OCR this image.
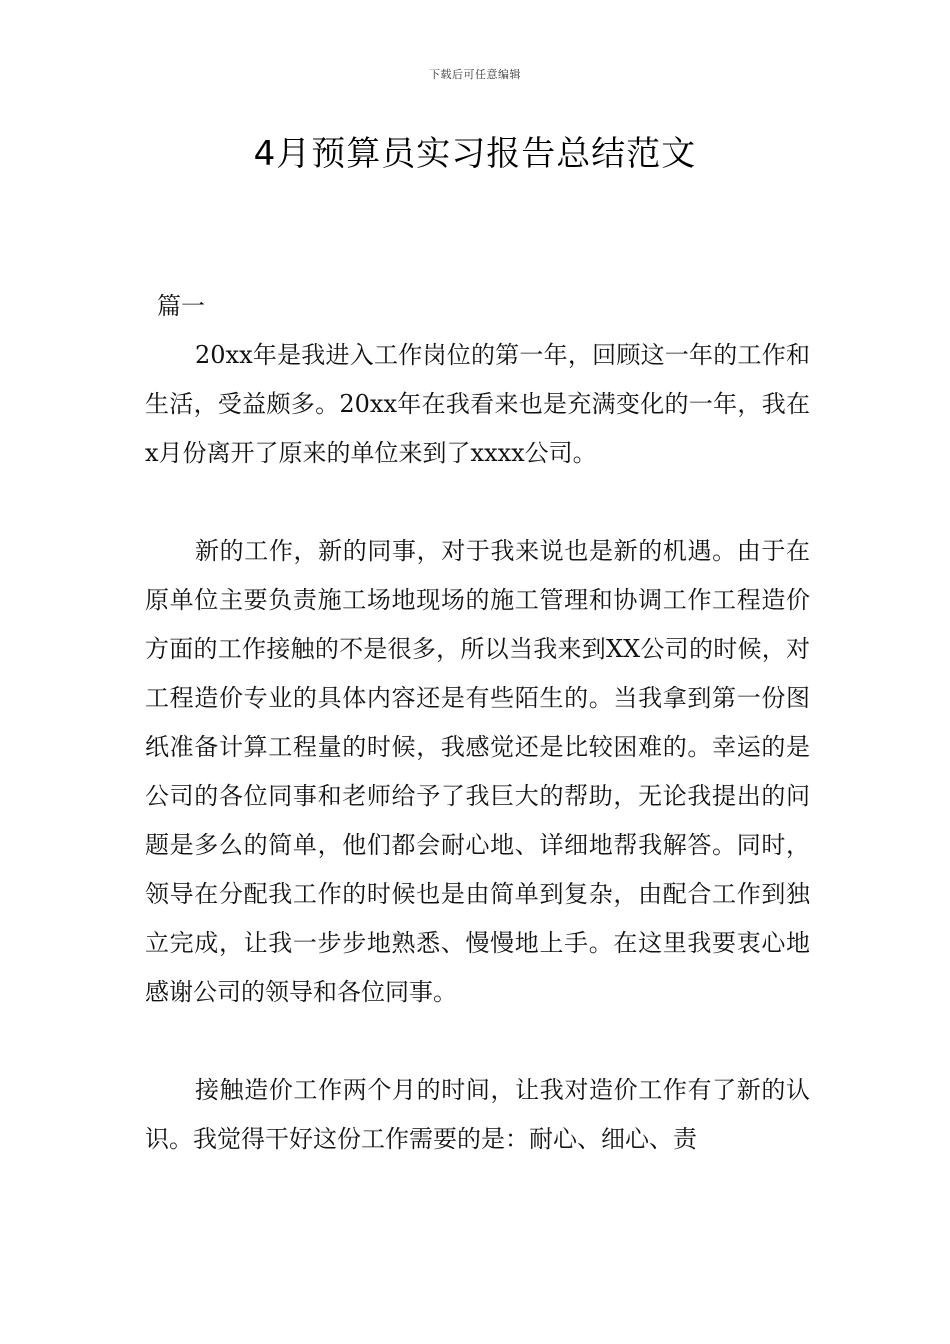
下载后可任意编辑
4月预算员实习报告总结范文

篇一

20xx年是我进入工作岗位的第一年，回顾这一年的工作和生活，受益颇多。20xx年在我看来也是充满变化的一年，我在x月份离开了原来的单位来到了xxxx公司。

新的工作，新的同事，对于我来说也是新的机遇。由于在原单位主要负责施工场地现场的施工管理和协调工作工程造价方面的工作接触的不是很多，所以当我来到XX公司的时候，对工程造价专业的具体内容还是有些陌生的。当我拿到第一份图纸准备计算工程量的时候，我感觉还是比较困难的。幸运的是公司的各位同事和老师给予了我巨大的帮助，无论我提出的问题是多么的简单，他们都会耐心地、详细地帮我解答。同时，领导在分配我工作的时候也是由简单到复杂，由配合工作到独立完成，让我一步步地熟悉、慢慢地上手。在这里我要衷心地感谢公司的领导和各位同事。

接触造价工作两个月的时间，让我对造价工作有了新的认识。我觉得干好这份工作需要的是：耐心、细心、责
